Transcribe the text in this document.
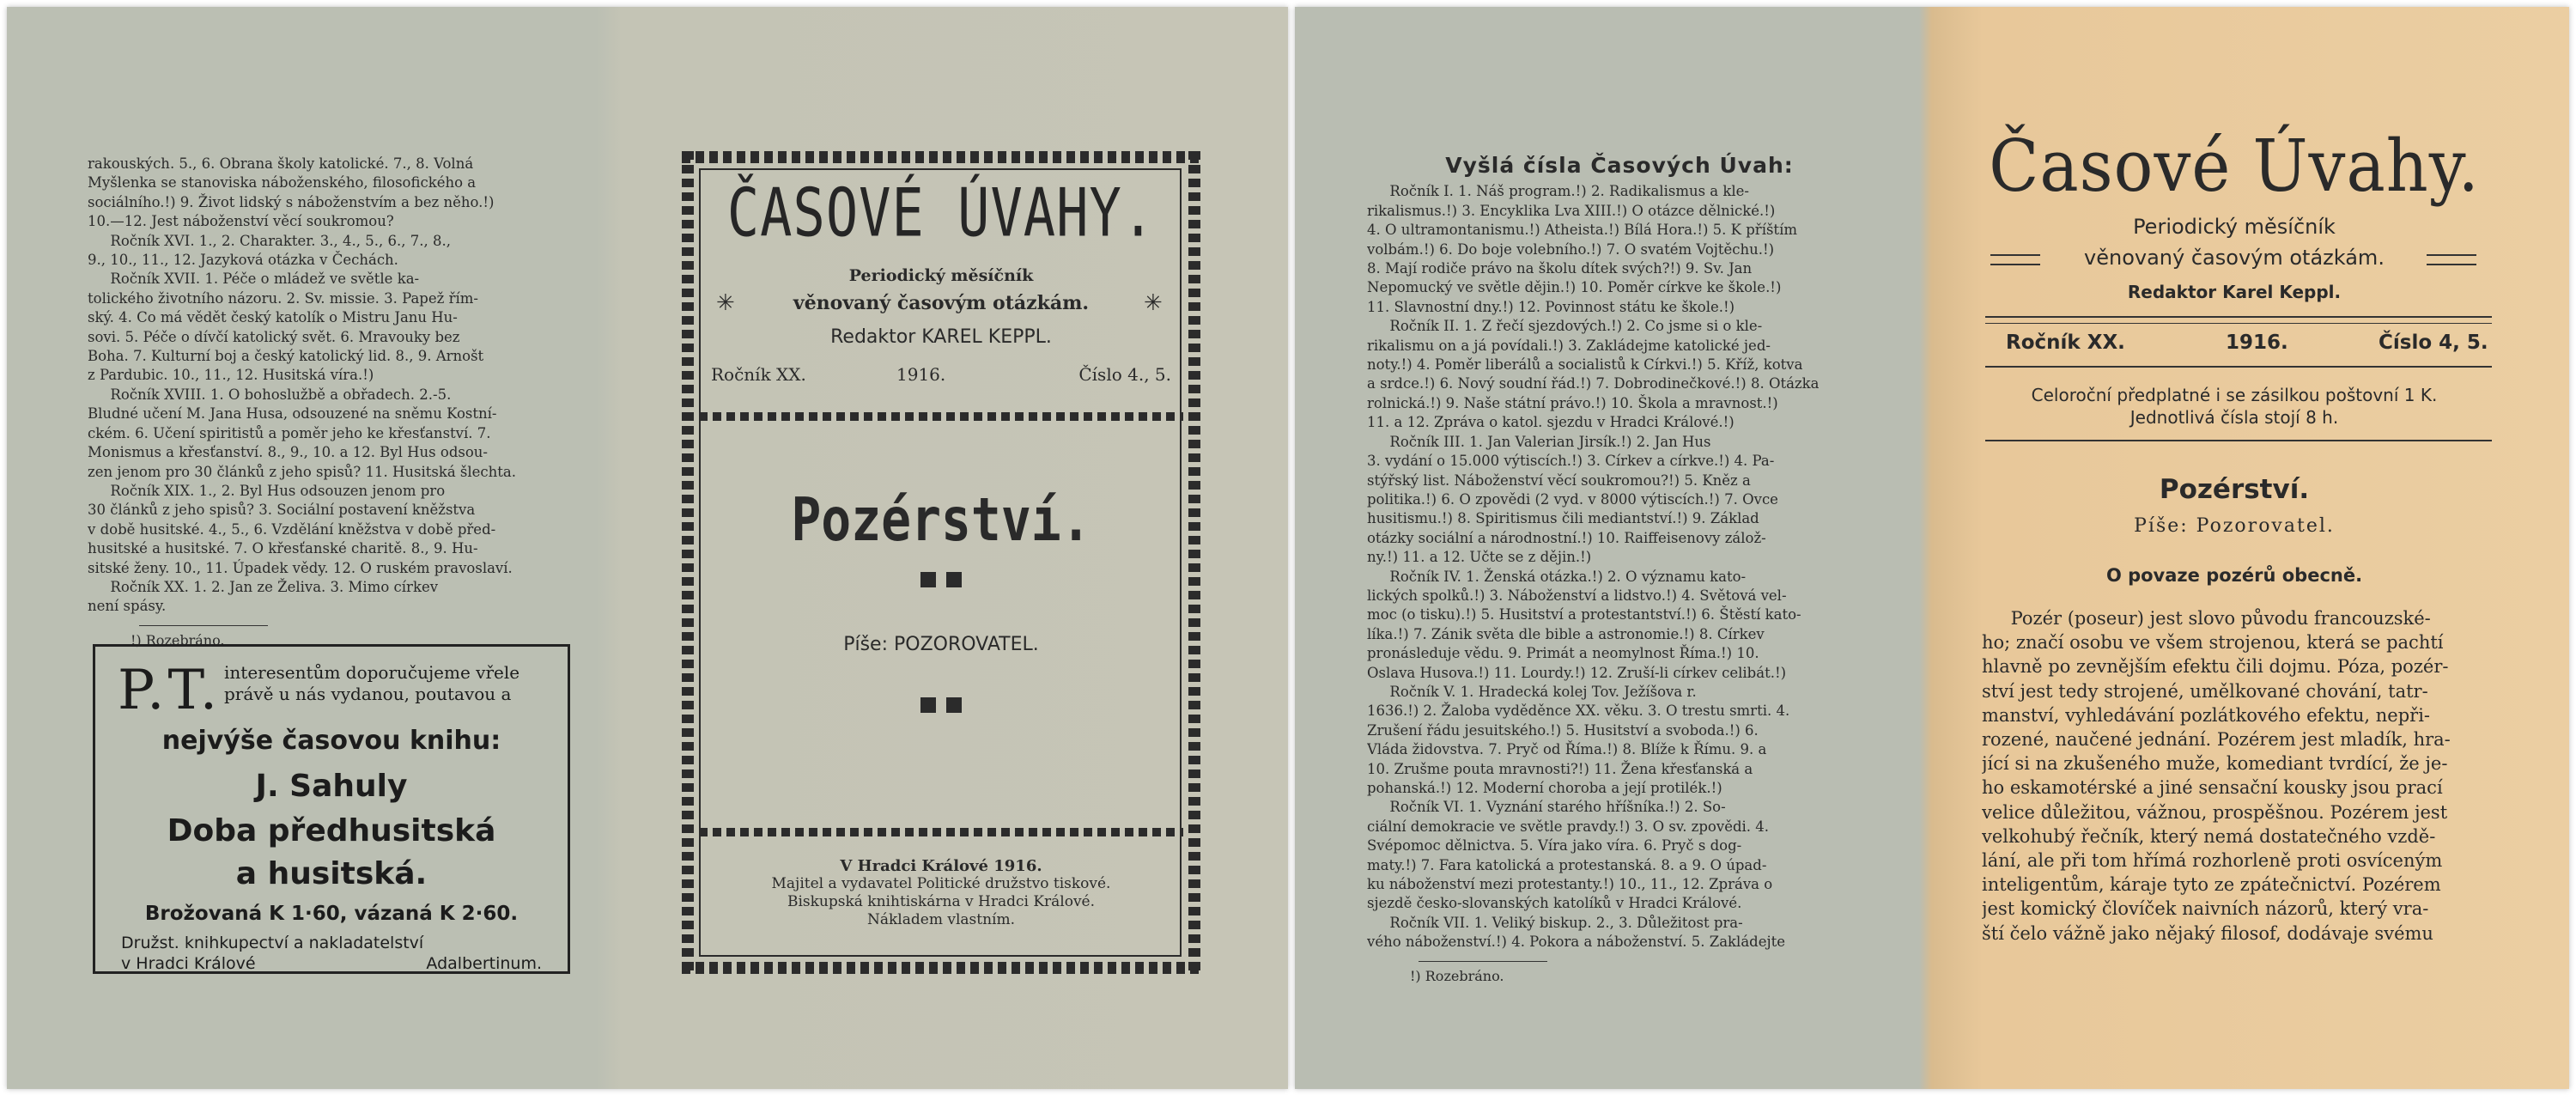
rakouských. 5., 6. Obrana školy katolické. 7., 8. Volná
Myšlenka se stanoviska náboženského, filosofického a
sociálního.!) 9. Život lidský s náboženstvím a bez něho.!)
10.—12. Jest náboženství věcí soukromou?
Ročník XVI. 1., 2. Charakter. 3., 4., 5., 6., 7., 8.,
9., 10., 11., 12. Jazyková otázka v Čechách.
Ročník XVII. 1. Péče o mládež ve světle ka-
tolického životního názoru. 2. Sv. missie. 3. Papež řím-
ský. 4. Co má vědět český katolík o Mistru Janu Hu-
sovi. 5. Péče o dívčí katolický svět. 6. Mravouky bez
Boha. 7. Kulturní boj a český katolický lid. 8., 9. Arnošt
z Pardubic. 10., 11., 12. Husitská víra.!)
Ročník XVIII. 1. O bohoslužbě a obřadech. 2.-5.
Bludné učení M. Jana Husa, odsouzené na sněmu Kostní-
ckém. 6. Učení spiritistů a poměr jeho ke křesťanství. 7.
Monismus a křesťanství. 8., 9., 10. a 12. Byl Hus odsou-
zen jenom pro 30 článků z jeho spisů? 11. Husitská šlechta.
Ročník XIX. 1., 2. Byl Hus odsouzen jenom pro
30 článků z jeho spisů? 3. Sociální postavení kněžstva
v době husitské. 4., 5., 6. Vzdělání kněžstva v době před-
husitské a husitské. 7. O křesťanské charitě. 8., 9. Hu-
sitské ženy. 10., 11. Úpadek vědy. 12. O ruském pravoslaví.
Ročník XX. 1. 2. Jan ze Želiva. 3. Mimo církev
není spásy.
!) Rozebráno.
P.T. interesentům doporučujeme vřele právě u nás vydanou, poutavou a
nejvýše časovou knihu:
J. Sahuly
Doba předhusitská
a husitská.
Brožovaná K 1·60, vázaná K 2·60.
Družst. knihkupectví a nakladatelství
v Hradci Králové	Adalbertinum.
ČASOVÉ ÚVAHY.
Periodický měsíčník
✳	věnovaný časovým otázkám.	✳
Redaktor KAREL KEPPL.
Ročník XX.	1916.	Číslo 4., 5.
Pozérství.
Píše: POZOROVATEL.
V Hradci Králové 1916.
Majitel a vydavatel Politické družstvo tiskové.
Biskupská knihtiskárna v Hradci Králové.
Nákladem vlastním.
Vyšlá čísla Časových Úvah:
Ročník I. 1. Náš program.!) 2. Radikalismus a kle-
rikalismus.!) 3. Encyklika Lva XIII.!) O otázce dělnické.!)
4. O ultramontanismu.!) Atheista.!) Bílá Hora.!) 5. K příštím
volbám.!) 6. Do boje volebního.!) 7. O svatém Vojtěchu.!)
8. Mají rodiče právo na školu dítek svých?!) 9. Sv. Jan
Nepomucký ve světle dějin.!) 10. Poměr církve ke škole.!)
11. Slavnostní dny.!) 12. Povinnost státu ke škole.!)
Ročník II. 1. Z řečí sjezdových.!) 2. Co jsme si o kle-
rikalismu on a já povídali.!) 3. Zakládejme katolické jed-
noty.!) 4. Poměr liberálů a socialistů k Církvi.!) 5. Kříž, kotva
a srdce.!) 6. Nový soudní řád.!) 7. Dobrodinečkové.!) 8. Otázka
rolnická.!) 9. Naše státní právo.!) 10. Škola a mravnost.!)
11. a 12. Zpráva o katol. sjezdu v Hradci Králové.!)
Ročník III. 1. Jan Valerian Jirsík.!) 2. Jan Hus
3. vydání o 15.000 výtiscích.!) 3. Církev a církve.!) 4. Pa-
stýřský list. Náboženství věcí soukromou?!) 5. Kněz a
politika.!) 6. O zpovědi (2 vyd. v 8000 výtiscích.!) 7. Ovce
husitismu.!) 8. Spiritismus čili mediantství.!) 9. Základ
otázky sociální a národnostní.!) 10. Raiffeisenovy zálož-
ny.!) 11. a 12. Učte se z dějin.!)
Ročník IV. 1. Ženská otázka.!) 2. O významu kato-
lických spolků.!) 3. Náboženství a lidstvo.!) 4. Světová vel-
moc (o tisku).!) 5. Husitství a protestantství.!) 6. Štěstí kato-
líka.!) 7. Zánik světa dle bible a astronomie.!) 8. Církev
pronásleduje vědu. 9. Primát a neomylnost Říma.!) 10.
Oslava Husova.!) 11. Lourdy.!) 12. Zruší-li církev celibát.!)
Ročník V. 1. Hradecká kolej Tov. Ježíšova r.
1636.!) 2. Žaloba vyděděnce XX. věku. 3. O trestu smrti. 4.
Zrušení řádu jesuitského.!) 5. Husitství a svoboda.!) 6.
Vláda židovstva. 7. Pryč od Říma.!) 8. Blíže k Římu. 9. a
10. Zrušme pouta mravnosti?!) 11. Žena křesťanská a
pohanská.!) 12. Moderní choroba a její protilék.!)
Ročník VI. 1. Vyznání starého hříšníka.!) 2. So-
ciální demokracie ve světle pravdy.!) 3. O sv. zpovědi. 4.
Svépomoc dělnictva. 5. Víra jako víra. 6. Pryč s dog-
maty.!) 7. Fara katolická a protestanská. 8. a 9. O úpad-
ku náboženství mezi protestanty.!) 10., 11., 12. Zpráva o
sjezdě česko-slovanských katolíků v Hradci Králové.
Ročník VII. 1. Veliký biskup. 2., 3. Důležitost pra-
vého náboženství.!) 4. Pokora a náboženství. 5. Zakládejte
!) Rozebráno.
Časové Úvahy.
Periodický měsíčník
věnovaný časovým otázkám.
Redaktor Karel Keppl.
Ročník XX.	1916.	Číslo 4, 5.
Celoroční předplatné i se zásilkou poštovní 1 K.
Jednotlivá čísla stojí 8 h.
Pozérství.
Píše: Pozorovatel.
O povaze pozérů obecně.
Pozér (poseur) jest slovo původu francouzské-
ho; značí osobu ve všem strojenou, která se pachtí
hlavně po zevnějším efektu čili dojmu. Póza, pozér-
ství jest tedy strojené, umělkované chování, tatr-
manství, vyhledávání pozlátkového efektu, nepři-
rozené, naučené jednání. Pozérem jest mladík, hra-
jící si na zkušeného muže, komediant tvrdící, že je-
ho eskamotérské a jiné sensační kousky jsou prací
velice důležitou, vážnou, prospěšnou. Pozérem jest
velkohubý řečník, který nemá dostatečného vzdě-
lání, ale při tom hřímá rozhorleně proti osvíceným
inteligentům, káraje tyto ze zpátečnictví. Pozérem
jest komický človíček naivních názorů, který vra-
ští čelo vážně jako nějaký filosof, dodávaje svému
